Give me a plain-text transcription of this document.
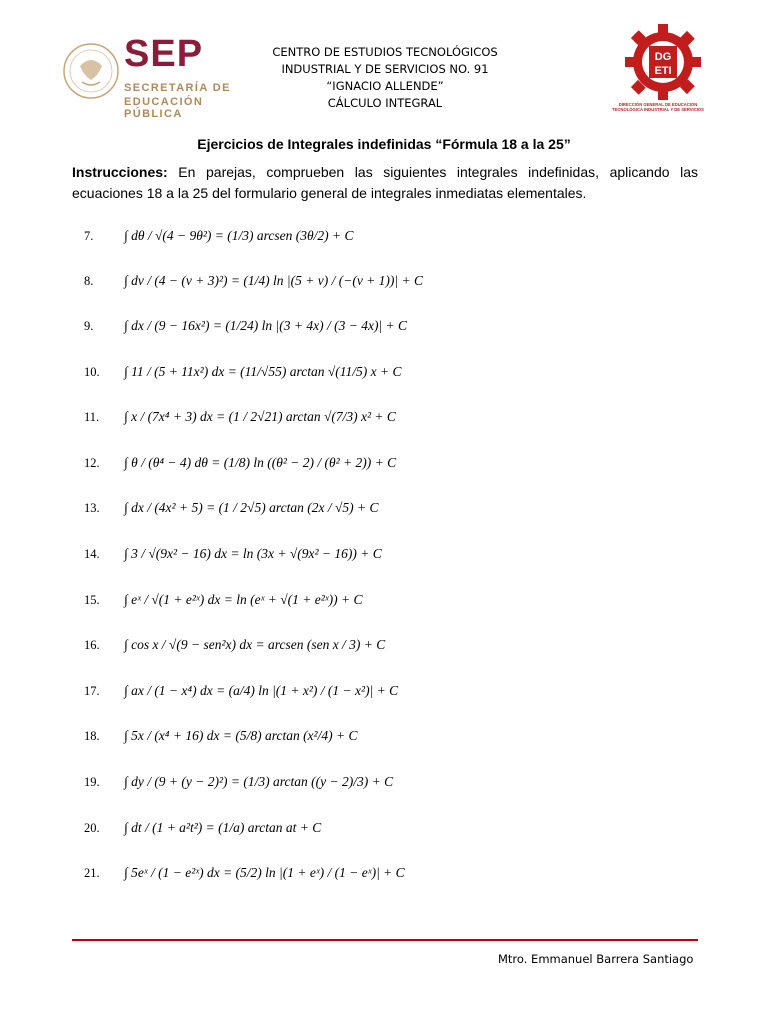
SEP
SECRETARÍA DE
EDUCACIÓN PÚBLICA
CENTRO DE ESTUDIOS TECNOLÓGICOS
INDUSTRIAL Y DE SERVICIOS NO. 91
“IGNACIO ALLENDE”
CÁLCULO INTEGRAL
DG
ETI
DIRECCIÓN GENERAL DE EDUCACIÓN TECNOLÓGICA INDUSTRIAL Y DE SERVICIOS
Ejercicios de Integrales indefinidas “Fórmula 18 a la 25”
Instrucciones: En parejas, comprueben las siguientes integrales indefinidas, aplicando las ecuaciones 18 a la 25 del formulario general de integrales inmediatas elementales.
7.	∫ dθ / √(4 − 9θ²) = (1/3) arcsen (3θ/2) + C
8.	∫ dv / (4 − (v + 3)²) = (1/4) ln |(5 + v) / (−(v + 1))| + C
9.	∫ dx / (9 − 16x²) = (1/24) ln |(3 + 4x) / (3 − 4x)| + C
10.	∫ 11 / (5 + 11x²) dx = (11/√55) arctan √(11/5) x + C
11.	∫ x / (7x⁴ + 3) dx = (1 / 2√21) arctan √(7/3) x² + C
12.	∫ θ / (θ⁴ − 4) dθ = (1/8) ln ((θ² − 2) / (θ² + 2)) + C
13.	∫ dx / (4x² + 5) = (1 / 2√5) arctan (2x / √5) + C
14.	∫ 3 / √(9x² − 16) dx = ln (3x + √(9x² − 16)) + C
15.	∫ eˣ / √(1 + e²ˣ) dx = ln (eˣ + √(1 + e²ˣ)) + C
16.	∫ cos x / √(9 − sen²x) dx = arcsen (sen x / 3) + C
17.	∫ ax / (1 − x⁴) dx = (a/4) ln |(1 + x²) / (1 − x²)| + C
18.	∫ 5x / (x⁴ + 16) dx = (5/8) arctan (x²/4) + C
19.	∫ dy / (9 + (y − 2)²) = (1/3) arctan ((y − 2)/3) + C
20.	∫ dt / (1 + a²t²) = (1/a) arctan at + C
21.	∫ 5eˣ / (1 − e²ˣ) dx = (5/2) ln |(1 + eˣ) / (1 − eˣ)| + C
Mtro. Emmanuel Barrera Santiago
